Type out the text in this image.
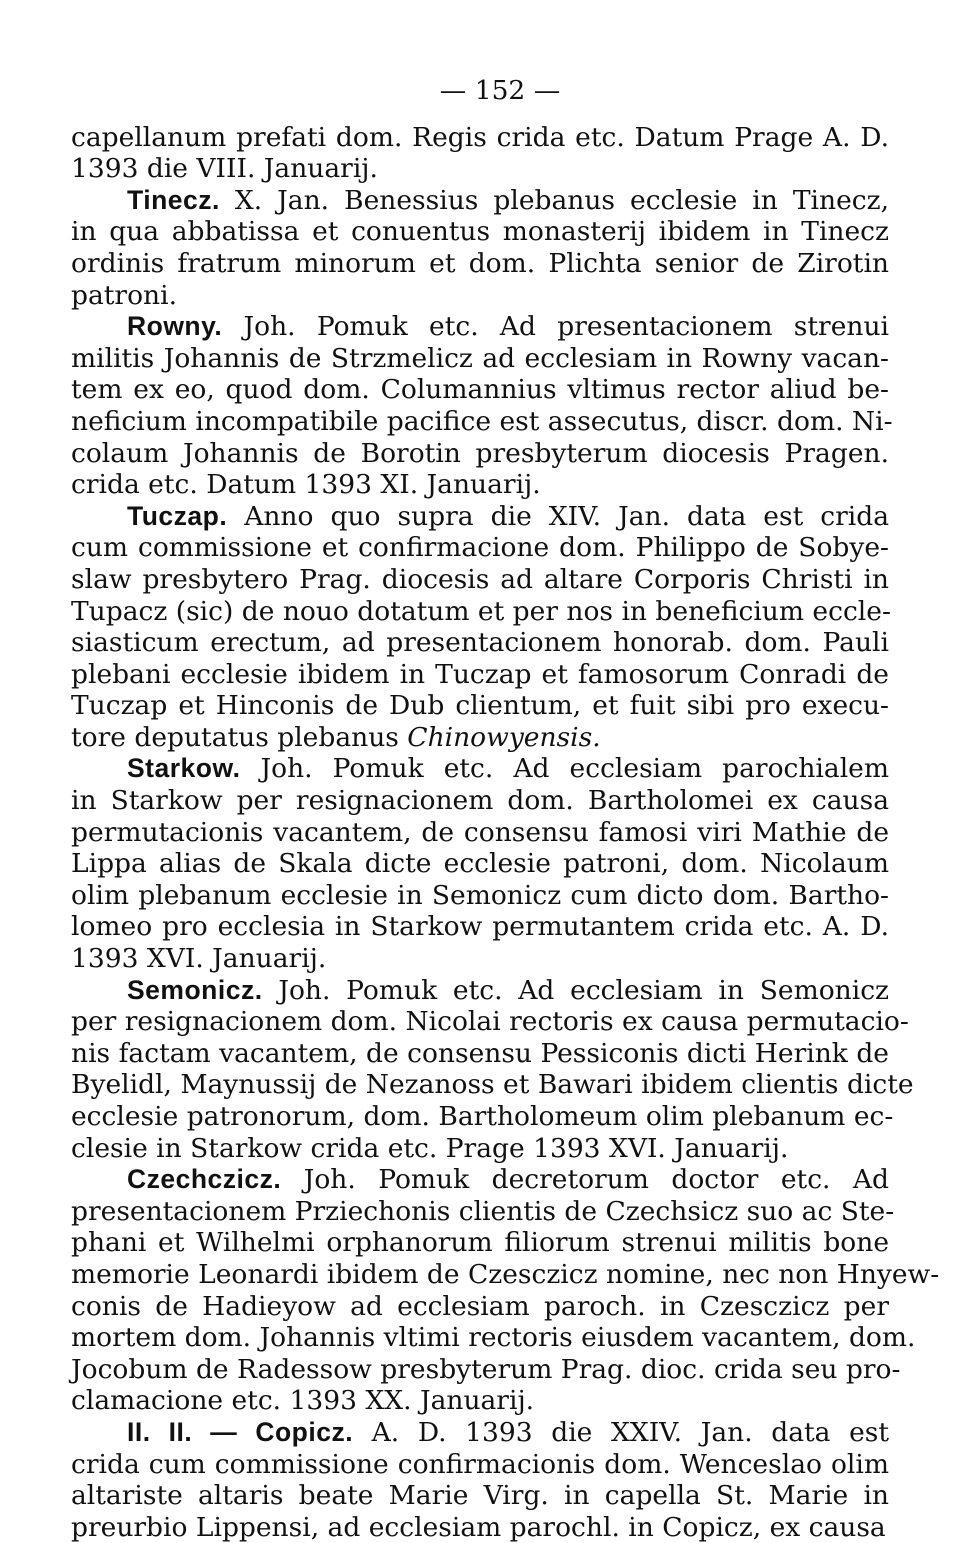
— 152 —
capellanum prefati dom. Regis crida etc. Datum Prage A. D.
1393 die VIII. Januarij.
Tinecz. X. Jan. Benessius plebanus ecclesie in Tinecz,
in qua abbatissa et conuentus monasterij ibidem in Tinecz
ordinis fratrum minorum et dom. Plichta senior de Zirotin
patroni.
Rowny. Joh. Pomuk etc. Ad presentacionem strenui
militis Johannis de Strzmelicz ad ecclesiam in Rowny vacan-
tem ex eo, quod dom. Columannius vltimus rector aliud be-
neficium incompatibile pacifice est assecutus, discr. dom. Ni-
colaum Johannis de Borotin presbyterum diocesis Pragen.
crida etc. Datum 1393 XI. Januarij.
Tuczap. Anno quo supra die XIV. Jan. data est crida
cum commissione et confirmacione dom. Philippo de Sobye-
slaw presbytero Prag. diocesis ad altare Corporis Christi in
Tupacz (sic) de nouo dotatum et per nos in beneficium eccle-
siasticum erectum, ad presentacionem honorab. dom. Pauli
plebani ecclesie ibidem in Tuczap et famosorum Conradi de
Tuczap et Hinconis de Dub clientum, et fuit sibi pro execu-
tore deputatus plebanus Chinowyensis.
Starkow. Joh. Pomuk etc. Ad ecclesiam parochialem
in Starkow per resignacionem dom. Bartholomei ex causa
permutacionis vacantem, de consensu famosi viri Mathie de
Lippa alias de Skala dicte ecclesie patroni, dom. Nicolaum
olim plebanum ecclesie in Semonicz cum dicto dom. Bartho-
lomeo pro ecclesia in Starkow permutantem crida etc. A. D.
1393 XVI. Januarij.
Semonicz. Joh. Pomuk etc. Ad ecclesiam in Semonicz
per resignacionem dom. Nicolai rectoris ex causa permutacio-
nis factam vacantem, de consensu Pessiconis dicti Herink de
Byelidl, Maynussij de Nezanoss et Bawari ibidem clientis dicte
ecclesie patronorum, dom. Bartholomeum olim plebanum ec-
clesie in Starkow crida etc. Prage 1393 XVI. Januarij.
Czechczicz. Joh. Pomuk decretorum doctor etc. Ad
presentacionem Prziechonis clientis de Czechsicz suo ac Ste-
phani et Wilhelmi orphanorum filiorum strenui militis bone
memorie Leonardi ibidem de Czesczicz nomine, nec non Hnyew-
conis de Hadieyow ad ecclesiam paroch. in Czesczicz per
mortem dom. Johannis vltimi rectoris eiusdem vacantem, dom.
Jocobum de Radessow presbyterum Prag. dioc. crida seu pro-
clamacione etc. 1393 XX. Januarij.
II. II. — Copicz. A. D. 1393 die XXIV. Jan. data est
crida cum commissione confirmacionis dom. Wenceslao olim
altariste altaris beate Marie Virg. in capella St. Marie in
preurbio Lippensi, ad ecclesiam parochl. in Copicz, ex causa
